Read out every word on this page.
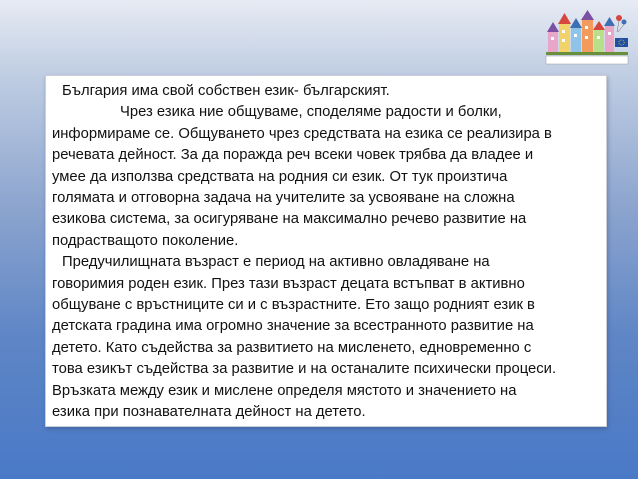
България има свой собствен език- българският.

Чрез езика ние общуваме, споделяме радости и болки,

информираме се. Общуването чрез средствата на езика се реализира в

речевата дейност. За да поражда реч всеки човек трябва да владее и

умее да използва средствата на родния си език. От тук произтича

голямата и отговорна задача на учителите за усвояване на сложна

езикова система, за осигуряване на максимално речево развитие на

подрастващото поколение.

Предучилищната възраст е период на активно овладяване на

говоримия роден език. През тази възраст децата встъпват в активно

общуване с връстниците си и с възрастните. Ето защо родният език в

детската градина има огромно значение за всестранното развитие на

детето. Като съдейства за развитието на мисленето, едновременно с

това езикът съдейства за развитие и на останалите психически процеси.

Връзката между език и мислене определя мястото и значението на

езика при познавателната дейност на детето.
